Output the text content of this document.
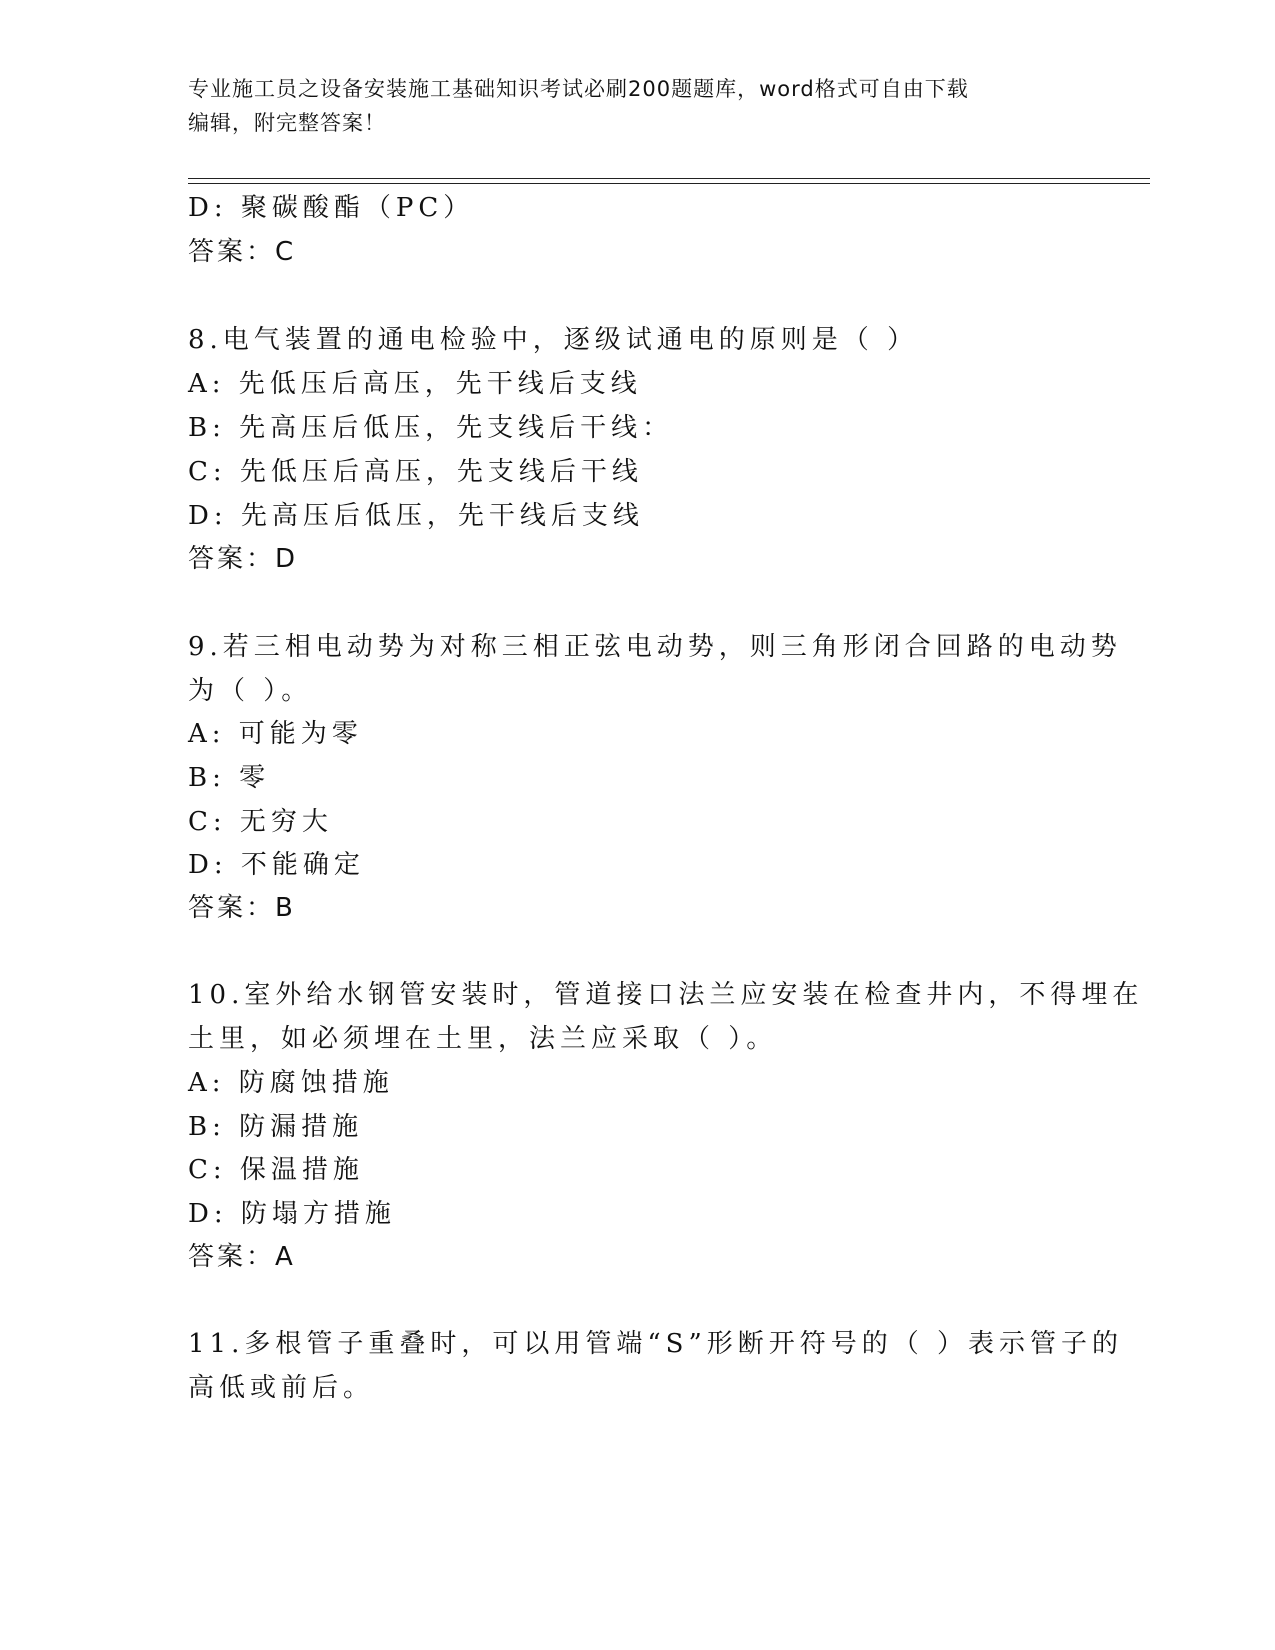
专业施工员之设备安装施工基础知识考试必刷200题题库，word格式可自由下载
编辑，附完整答案！
D: 聚碳酸酯（PC）
答案：C
8.电气装置的通电检验中，逐级试通电的原则是（ ）
A: 先低压后高压，先干线后支线
B: 先高压后低压，先支线后干线：
C: 先低压后高压，先支线后干线
D: 先高压后低压，先干线后支线
答案：D
9.若三相电动势为对称三相正弦电动势，则三角形闭合回路的电动势
为（ ）。
A: 可能为零
B: 零
C: 无穷大
D: 不能确定
答案：B
10.室外给水钢管安装时，管道接口法兰应安装在检查井内，不得埋在
土里，如必须埋在土里，法兰应采取（ ）。
A: 防腐蚀措施
B: 防漏措施
C: 保温措施
D: 防塌方措施
答案：A
11.多根管子重叠时，可以用管端“S”形断开符号的（ ）表示管子的
高低或前后。
